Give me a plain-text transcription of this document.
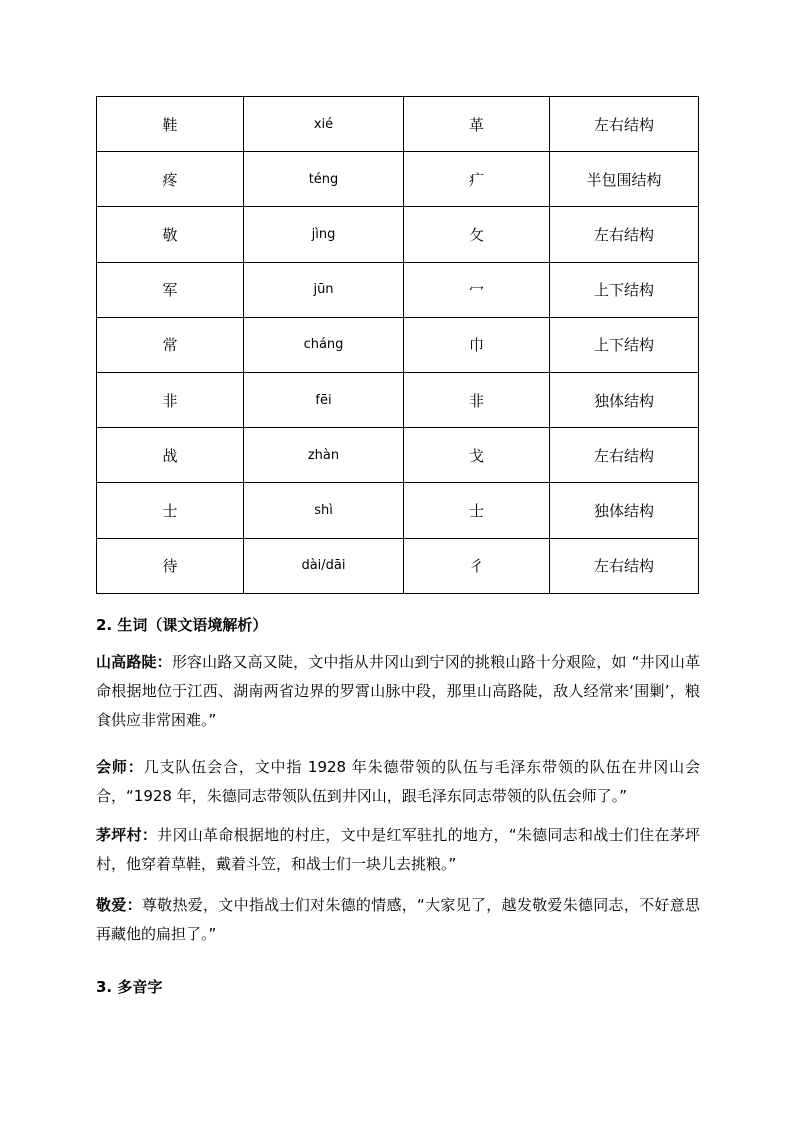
鞋	xié	革	左右结构
疼	téng	疒	半包围结构
敬	jìng	攵	左右结构
军	jūn	冖	上下结构
常	cháng	巾	上下结构
非	fēi	非	独体结构
战	zhàn	戈	左右结构
士	shì	士	独体结构
待	dài/dāi	彳	左右结构
2. 生词（课文语境解析）
山高路陡：形容山路又高又陡，文中指从井冈山到宁冈的挑粮山路十分艰险，如 “井冈山革命根据地位于江西、湖南两省边界的罗霄山脉中段，那里山高路陡，敌人经常来‘围剿’，粮食供应非常困难。”
会师：几支队伍会合，文中指 1928 年朱德带领的队伍与毛泽东带领的队伍在井冈山会合，“1928 年，朱德同志带领队伍到井冈山，跟毛泽东同志带领的队伍会师了。”
茅坪村：井冈山革命根据地的村庄，文中是红军驻扎的地方，“朱德同志和战士们住在茅坪村，他穿着草鞋，戴着斗笠，和战士们一块儿去挑粮。”
敬爱：尊敬热爱，文中指战士们对朱德的情感，“大家见了，越发敬爱朱德同志，不好意思再藏他的扁担了。”
3. 多音字
